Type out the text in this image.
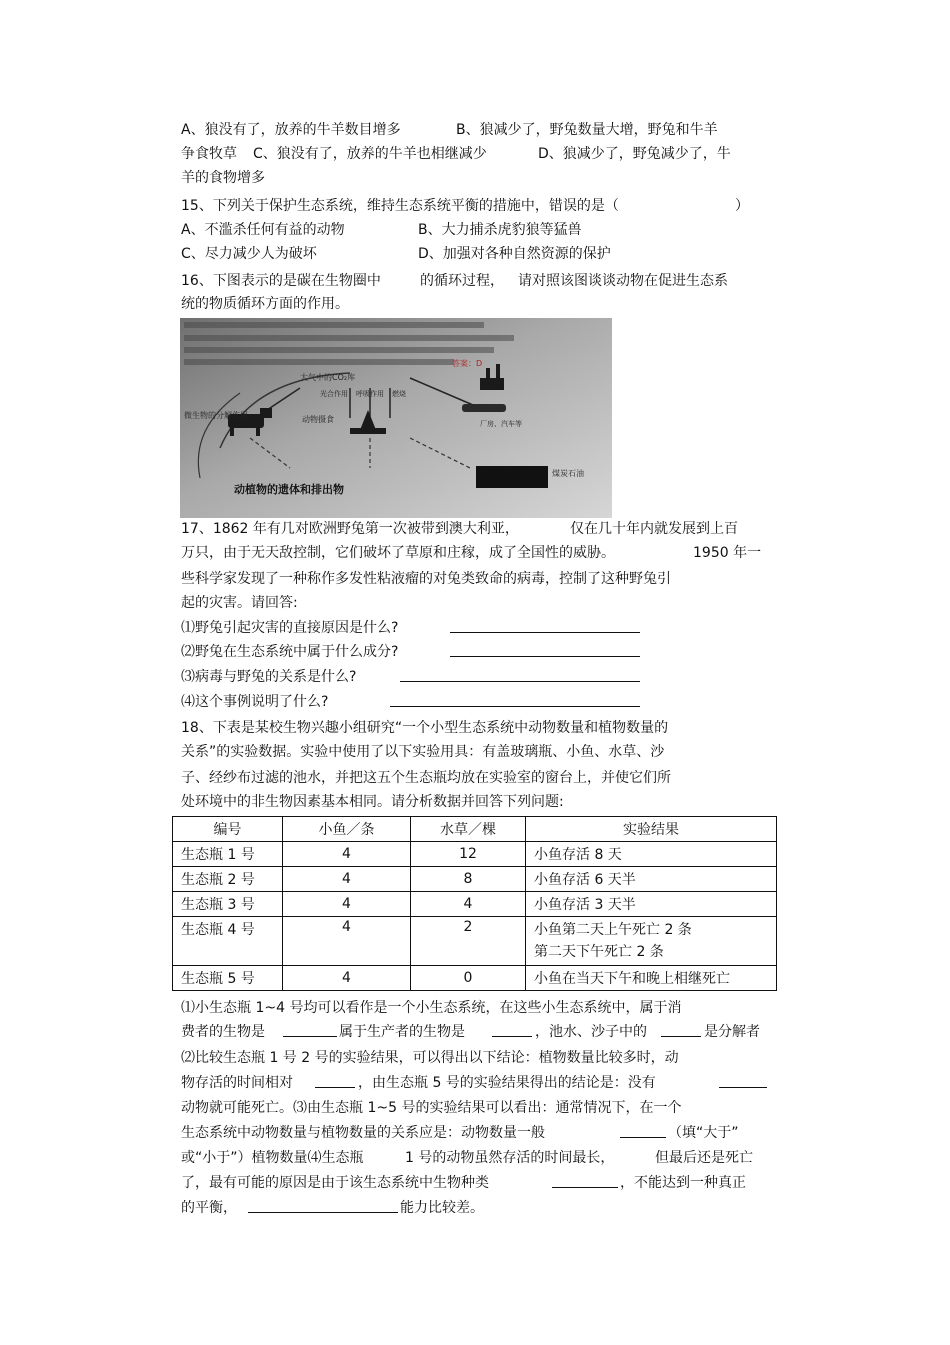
A、狼没有了，放养的牛羊数目增多	B、狼减少了，野兔数量大增，野兔和牛羊
争食牧草 C、狼没有了，放养的牛羊也相继减少	D、狼减少了，野兔减少了，牛
羊的食物增多
15、下列关于保护生态系统，维持生态系统平衡的措施中，错误的是（	）
A、不滥杀任何有益的动物	B、大力捕杀虎豹狼等猛兽
C、尽力减少人为破坏	D、加强对各种自然资源的保护
16、下图表示的是碳在生物圈中	的循环过程， 请对照该图谈谈动物在促进生态系
统的物质循环方面的作用。
答案：D
大气中的CO₂库
光合作用 呼吸作用 燃烧
动物摄食	厂房、汽车等
微生物的分解作用
煤炭石油
动植物的遗体和排出物
17、1862 年有几对欧洲野兔第一次被带到澳大利亚，	仅在几十年内就发展到上百
万只，由于无天敌控制，它们破坏了草原和庄稼，成了全国性的威胁。	1950 年一
些科学家发现了一种称作多发性粘液瘤的对兔类致命的病毒，控制了这种野兔引
起的灾害。请回答:
⑴野兔引起灾害的直接原因是什么?
⑵野兔在生态系统中属于什么成分?
⑶病毒与野兔的关系是什么?
⑷这个事例说明了什么?
18、下表是某校生物兴趣小组研究“一个小型生态系统中动物数量和植物数量的
关系”的实验数据。实验中使用了以下实验用具：有盖玻璃瓶、小鱼、水草、沙
子、经纱布过滤的池水，并把这五个生态瓶均放在实验室的窗台上，并使它们所
处环境中的非生物因素基本相同。请分析数据并回答下列问题:
编号	小鱼／条	水草／棵	实验结果
生态瓶 1 号	4	12	小鱼存活 8 天
生态瓶 2 号	4	8	小鱼存活 6 天半
生态瓶 3 号	4	4	小鱼存活 3 天半
生态瓶 4 号	4	2	小鱼第二天上午死亡 2 条
第二天下午死亡 2 条

生态瓶 5 号	4	0	小鱼在当天下午和晚上相继死亡
⑴小生态瓶 1~4 号均可以看作是一个小生态系统，在这些小生态系统中，属于消
费者的生物是	属于生产者的生物是	，池水、沙子中的	是分解者
⑵比较生态瓶 1 号 2 号的实验结果，可以得出以下结论：植物数量比较多时，动
物存活的时间相对	，由生态瓶 5 号的实验结果得出的结论是：没有
动物就可能死亡。⑶由生态瓶 1~5 号的实验结果可以看出：通常情况下，在一个
生态系统中动物数量与植物数量的关系应是：动物数量一般	（填“大于”
或“小于”）植物数量⑷生态瓶	1 号的动物虽然存活的时间最长，	但最后还是死亡
了，最有可能的原因是由于该生态系统中生物种类	，不能达到一种真正
的平衡，	能力比较差。
